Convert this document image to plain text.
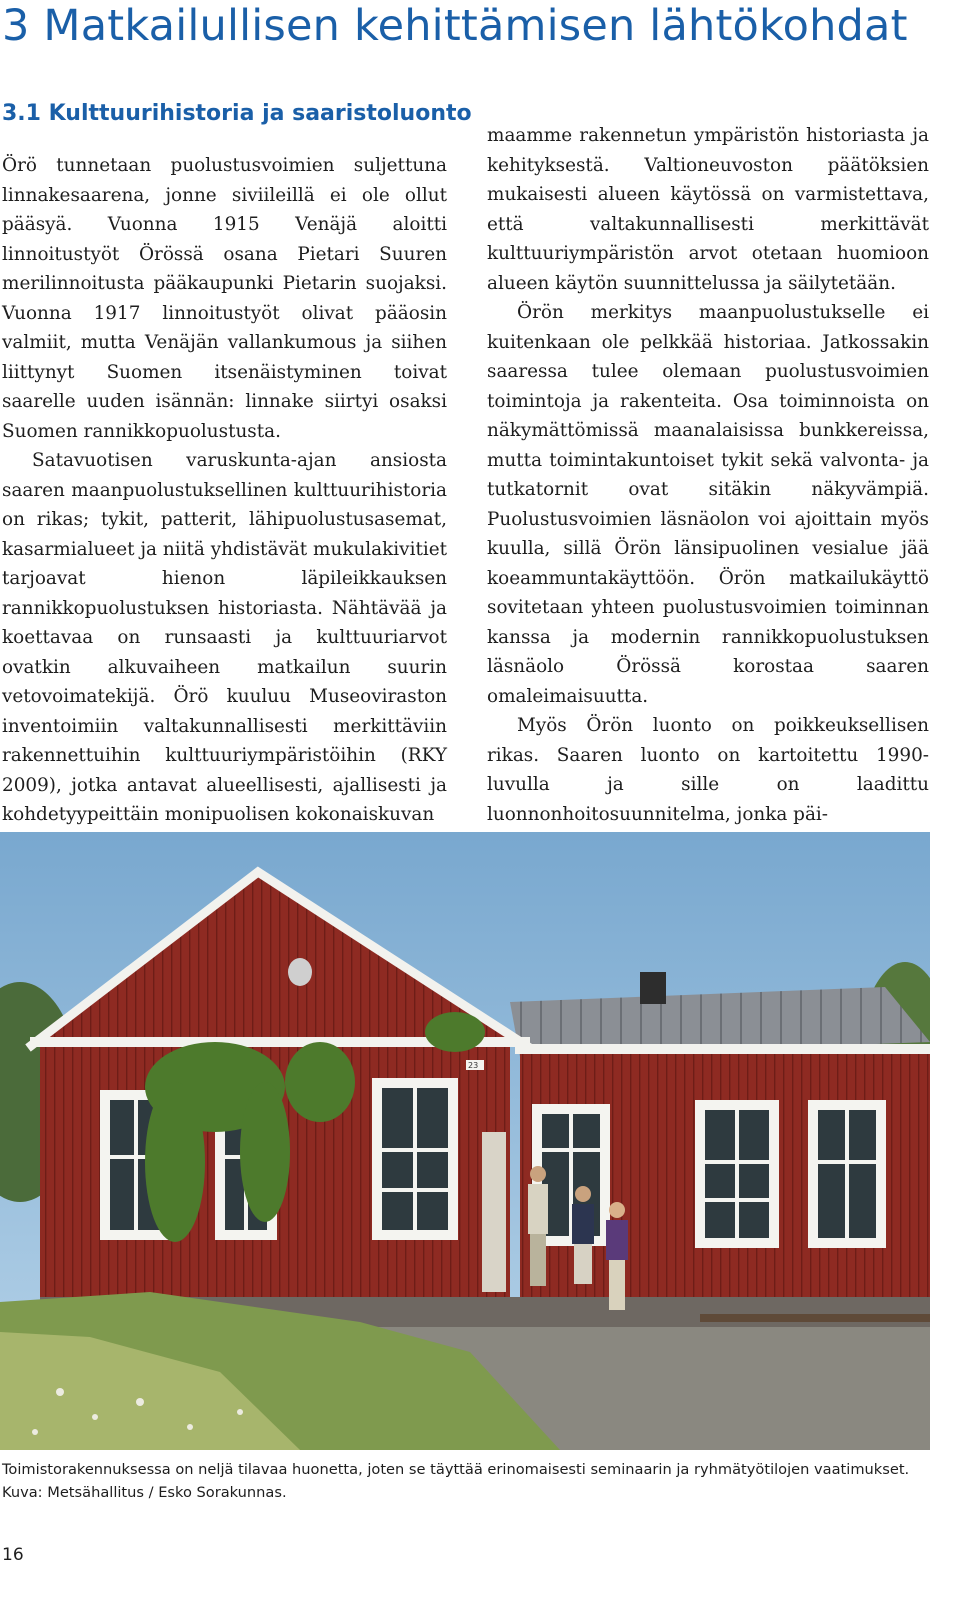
3 Matkailullisen kehittämisen lähtökohdat
3.1 Kulttuurihistoria ja saaristoluonto

Örö tunnetaan puolustusvoimien suljettuna linnakesaarena, jonne siviileillä ei ole ollut pääsyä. Vuonna 1915 Venäjä aloitti linnoitustyöt Örössä osana Pietari Suuren merilinnoitusta pääkaupunki Pietarin suojaksi. Vuonna 1917 linnoitustyöt olivat pääosin valmiit, mutta Venäjän vallankumous ja siihen liittynyt Suomen itsenäistyminen toivat saarelle uuden isännän: linnake siirtyi osaksi Suomen rannikkopuolustusta.

Satavuotisen varuskunta-ajan ansiosta saaren maanpuolustuksellinen kulttuurihistoria on rikas; tykit, patterit, lähipuolustusasemat, kasarmialueet ja niitä yhdistävät mukulakivitiet tarjoavat hienon läpileikkauksen rannikkopuolustuksen historiasta. Nähtävää ja koettavaa on runsaasti ja kulttuuriarvot ovatkin alkuvaiheen matkailun suurin vetovoimatekijä. Örö kuuluu Museoviraston inventoimiin valtakunnallisesti merkittäviin rakennettuihin kulttuuriympäristöihin (RKY 2009), jotka antavat alueellisesti, ajallisesti ja kohdetyypeittäin monipuolisen kokonaiskuvan

maamme rakennetun ympäristön historiasta ja kehityksestä. Valtioneuvoston päätöksien mukaisesti alueen käytössä on varmistettava, että valtakunnallisesti merkittävät kulttuuriympäristön arvot otetaan huomioon alueen käytön suunnittelussa ja säilytetään.

Örön merkitys maanpuolustukselle ei kuitenkaan ole pelkkää historiaa. Jatkossakin saaressa tulee olemaan puolustusvoimien toimintoja ja rakenteita. Osa toiminnoista on näkymättömissä maanalaisissa bunkkereissa, mutta toimintakuntoiset tykit sekä valvonta- ja tutkatornit ovat sitäkin näkyvämpiä. Puolustusvoimien läsnäolon voi ajoittain myös kuulla, sillä Örön länsipuolinen vesialue jää koeammuntakäyttöön. Örön matkailukäyttö sovitetaan yhteen puolustusvoimien toiminnan kanssa ja modernin rannikkopuolustuksen läsnäolo Örössä korostaa saaren omaleimaisuutta.

Myös Örön luonto on poikkeuksellisen rikas. Saaren luonto on kartoitettu 1990-luvulla ja sille on laadittu luonnonhoitosuunnitelma, jonka päi-

23

Toimistorakennuksessa on neljä tilavaa huonetta, joten se täyttää erinomaisesti seminaarin ja ryhmätyötilojen vaatimukset. Kuva: Metsähallitus / Esko Sorakunnas.

16
